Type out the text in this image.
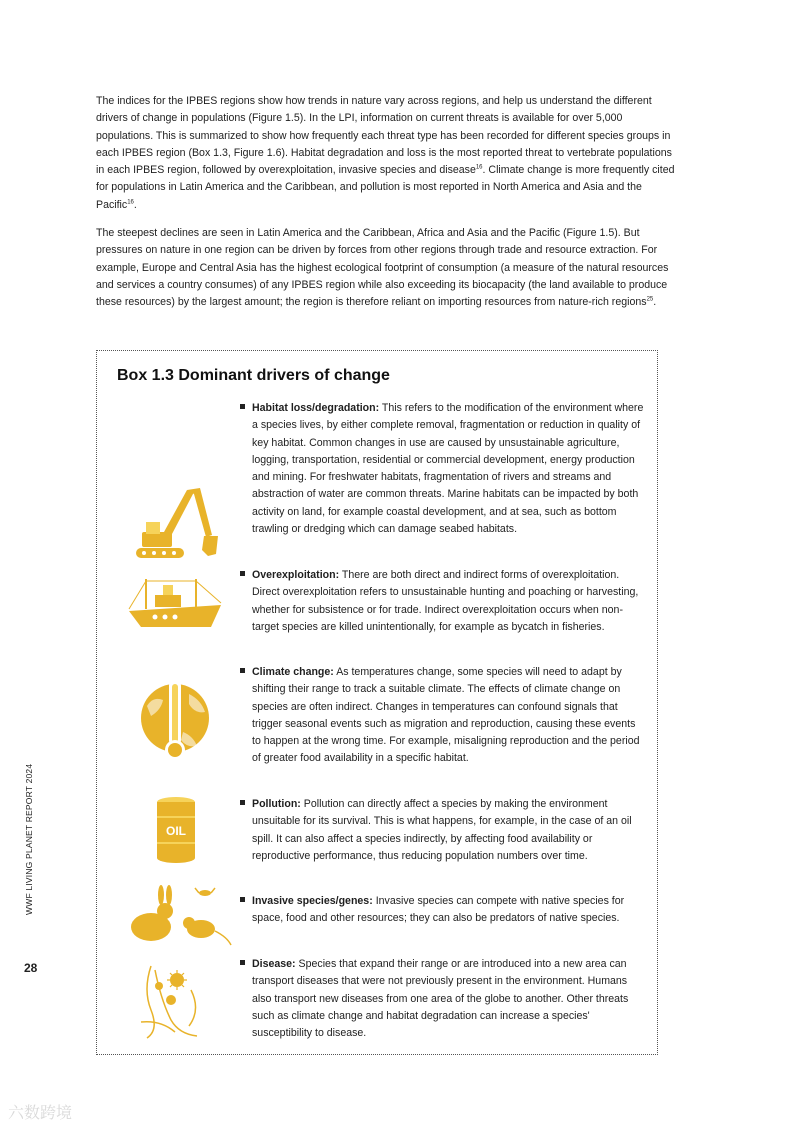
The indices for the IPBES regions show how trends in nature vary across regions, and help us understand the different drivers of change in populations (Figure 1.5). In the LPI, information on current threats is available for over 5,000 populations. This is summarized to show how frequently each threat type has been recorded for different species groups in each IPBES region (Box 1.3, Figure 1.6). Habitat degradation and loss is the most reported threat to vertebrate populations in each IPBES region, followed by overexploitation, invasive species and disease$^{16}$. Climate change is more frequently cited for populations in Latin America and the Caribbean, and pollution is most reported in North America and Asia and the Pacific$^{16}$.

The steepest declines are seen in Latin America and the Caribbean, Africa and Asia and the Pacific (Figure 1.5). But pressures on nature in one region can be driven by forces from other regions through trade and resource extraction. For example, Europe and Central Asia has the highest ecological footprint of consumption (a measure of the natural resources and services a country consumes) of any IPBES region while also exceeding its biocapacity (the land available to produce these resources) by the largest amount; the region is therefore reliant on importing resources from nature-rich regions$^{25}$.

WWF LIVING PLANET REPORT 2024
28
Box 1.3 Dominant drivers of change

Habitat loss/degradation: This refers to the modification of the environment where a species lives, by either complete removal, fragmentation or reduction in quality of key habitat. Common changes in use are caused by unsustainable agriculture, logging, transportation, residential or commercial development, energy production and mining. For freshwater habitats, fragmentation of rivers and streams and abstraction of water are common threats. Marine habitats can be impacted by both activity on land, for example coastal development, and at sea, such as bottom trawling or dredging which can damage seabed habitats.

Overexploitation: There are both direct and indirect forms of overexploitation. Direct overexploitation refers to unsustainable hunting and poaching or harvesting, whether for subsistence or for trade. Indirect overexploitation occurs when non-target species are killed unintentionally, for example as bycatch in fisheries.

Climate change: As temperatures change, some species will need to adapt by shifting their range to track a suitable climate. The effects of climate change on species are often indirect. Changes in temperatures can confound signals that trigger seasonal events such as migration and reproduction, causing these events to happen at the wrong time. For example, misaligning reproduction and the period of greater food availability in a specific habitat.

OIL

Pollution: Pollution can directly affect a species by making the environment unsuitable for its survival. This is what happens, for example, in the case of an oil spill. It can also affect a species indirectly, by affecting food availability or reproductive performance, thus reducing population numbers over time.

Invasive species/genes: Invasive species can compete with native species for space, food and other resources; they can also be predators of native species.

Disease: Species that expand their range or are introduced into a new area can transport diseases that were not previously present in the environment. Humans also transport new diseases from one area of the globe to another. Other threats such as climate change and habitat degradation can increase a species' susceptibility to disease.

六数跨境
